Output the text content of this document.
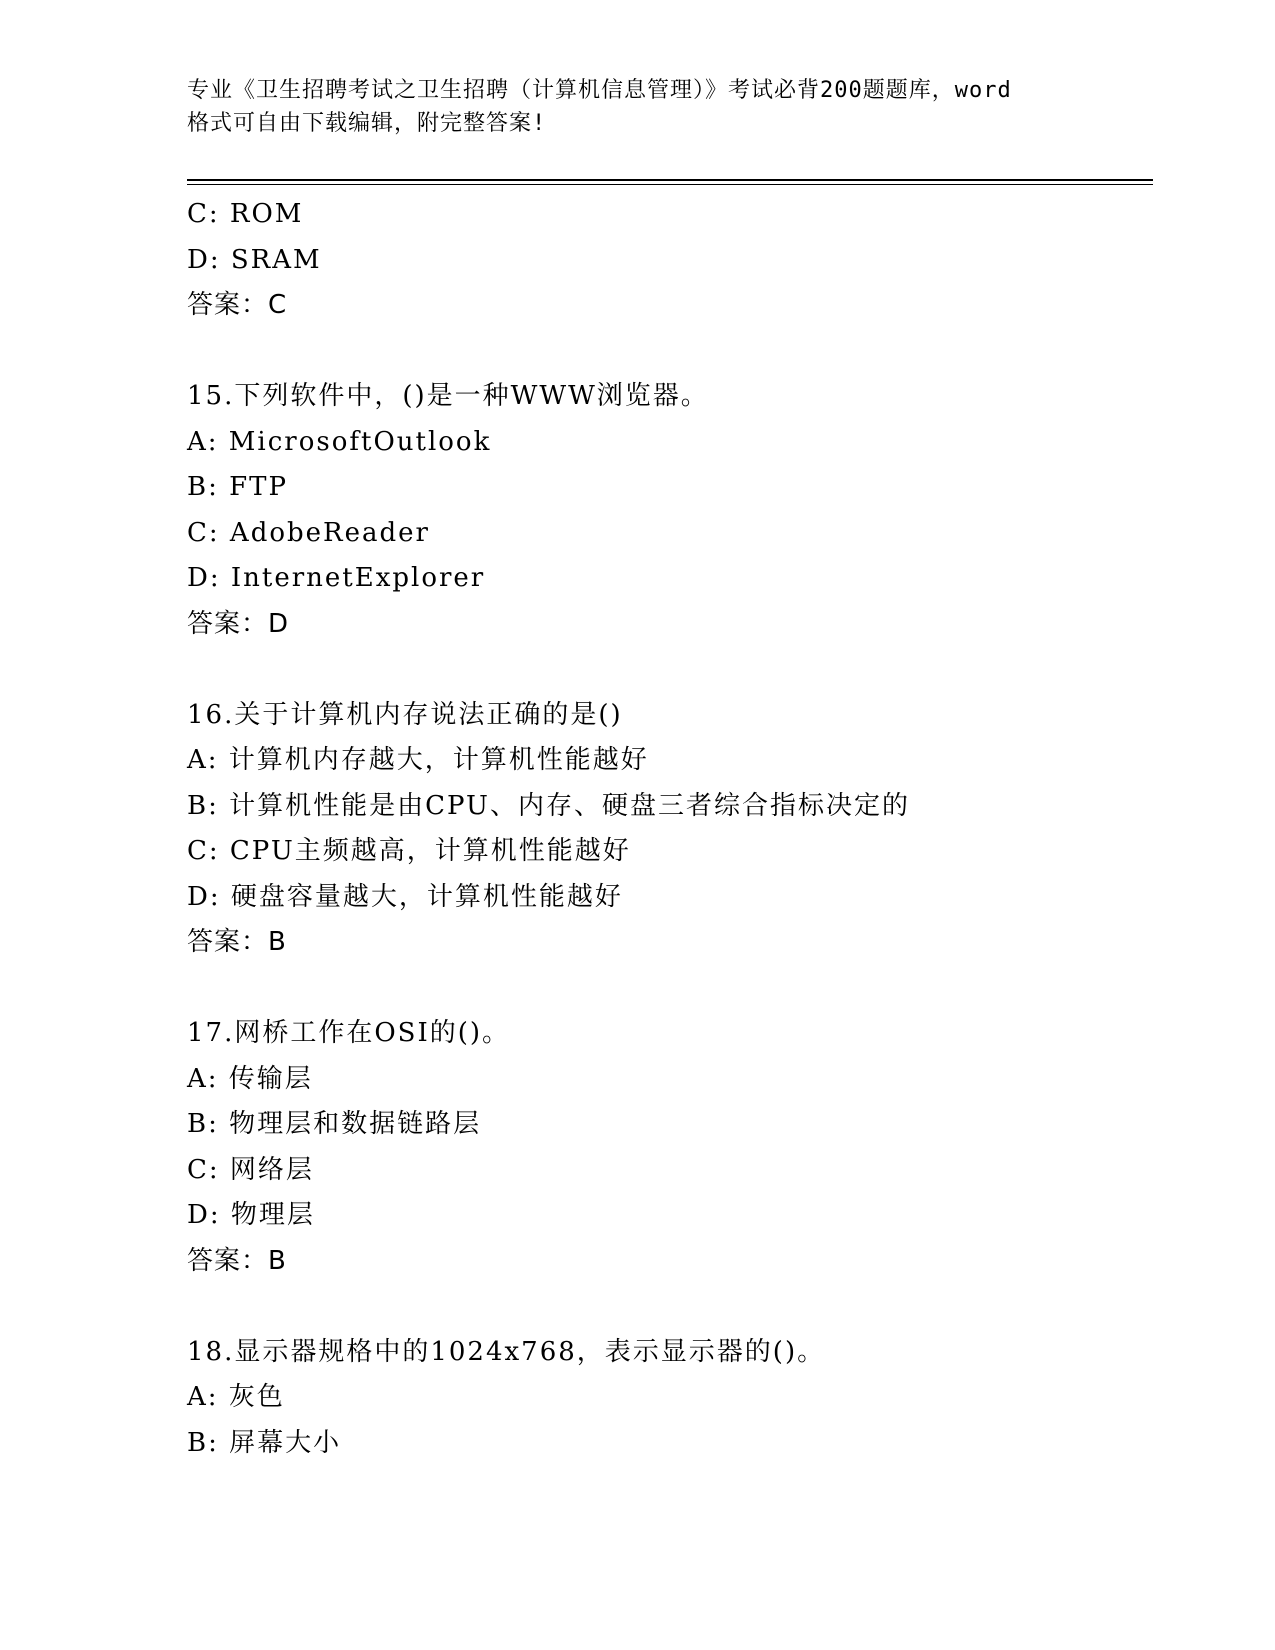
专业《卫生招聘考试之卫生招聘（计算机信息管理）》考试必背200题题库，word
格式可自由下载编辑，附完整答案!
C: ROM
D: SRAM
答案：C
15.下列软件中，()是一种WWW浏览器。
A: MicrosoftOutlook
B: FTP
C: AdobeReader
D: InternetExplorer
答案：D
16.关于计算机内存说法正确的是()
A: 计算机内存越大，计算机性能越好
B: 计算机性能是由CPU、内存、硬盘三者综合指标决定的
C: CPU主频越高，计算机性能越好
D: 硬盘容量越大，计算机性能越好
答案：B
17.网桥工作在OSI的()。
A: 传输层
B: 物理层和数据链路层
C: 网络层
D: 物理层
答案：B
18.显示器规格中的1024x768，表示显示器的()。
A: 灰色
B: 屏幕大小
